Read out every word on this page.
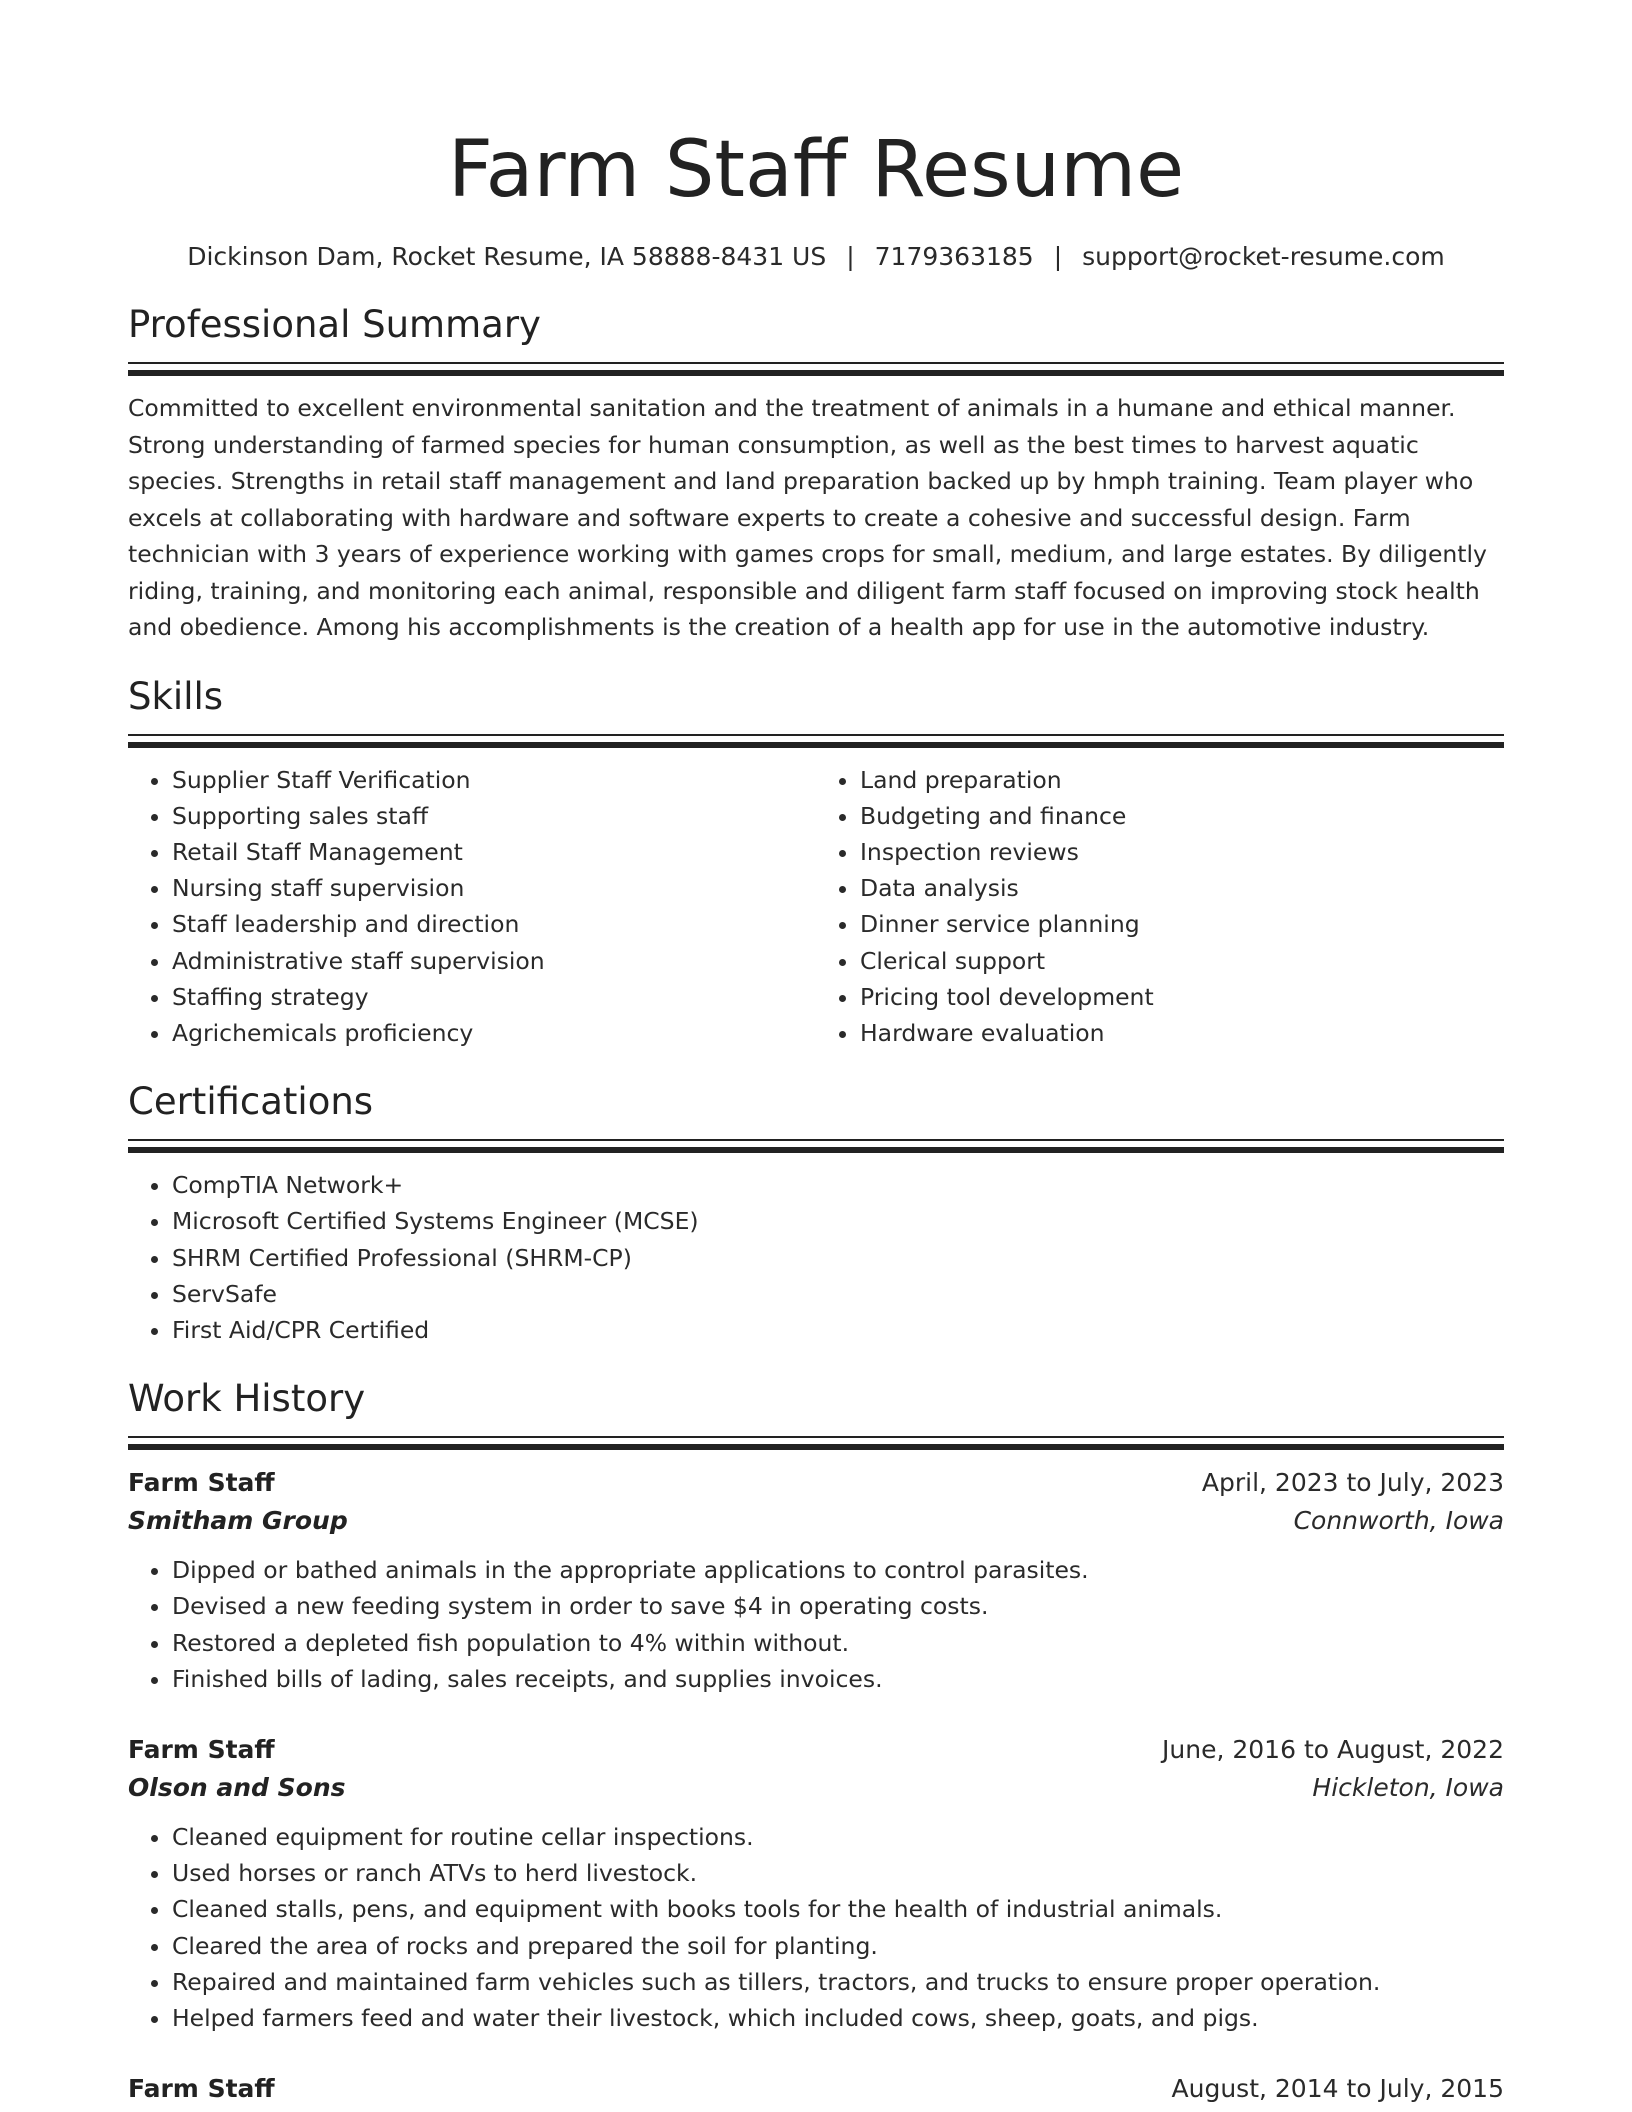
Farm Staff Resume
Dickinson Dam, Rocket Resume, IA 58888-8431 US | 7179363185 | support@rocket-resume.com
Professional Summary

Committed to excellent environmental sanitation and the treatment of animals in a humane and ethical manner. Strong understanding of farmed species for human consumption, as well as the best times to harvest aquatic species. Strengths in retail staff management and land preparation backed up by hmph training. Team player who excels at collaborating with hardware and software experts to create a cohesive and successful design. Farm technician with 3 years of experience working with games crops for small, medium, and large estates. By diligently riding, training, and monitoring each animal, responsible and diligent farm staff focused on improving stock health and obedience. Among his accomplishments is the creation of a health app for use in the automotive industry.

Skills
• Supplier Staff Verification
• Supporting sales staff
• Retail Staff Management
• Nursing staff supervision
• Staff leadership and direction
• Administrative staff supervision
• Staffing strategy
• Agrichemicals proficiency
• Land preparation
• Budgeting and finance
• Inspection reviews
• Data analysis
• Dinner service planning
• Clerical support
• Pricing tool development
• Hardware evaluation
Certifications
• CompTIA Network+
• Microsoft Certified Systems Engineer (MCSE)
• SHRM Certified Professional (SHRM-CP)
• ServSafe
• First Aid/CPR Certified
Work History
Farm Staff	April, 2023 to July, 2023
Smitham Group	Connworth, Iowa
• Dipped or bathed animals in the appropriate applications to control parasites.
• Devised a new feeding system in order to save $4 in operating costs.
• Restored a depleted fish population to 4% within without.
• Finished bills of lading, sales receipts, and supplies invoices.
Farm Staff	June, 2016 to August, 2022
Olson and Sons	Hickleton, Iowa
• Cleaned equipment for routine cellar inspections.
• Used horses or ranch ATVs to herd livestock.
• Cleaned stalls, pens, and equipment with books tools for the health of industrial animals.
• Cleared the area of rocks and prepared the soil for planting.
• Repaired and maintained farm vehicles such as tillers, tractors, and trucks to ensure proper operation.
• Helped farmers feed and water their livestock, which included cows, sheep, goats, and pigs.
Farm Staff	August, 2014 to July, 2015
